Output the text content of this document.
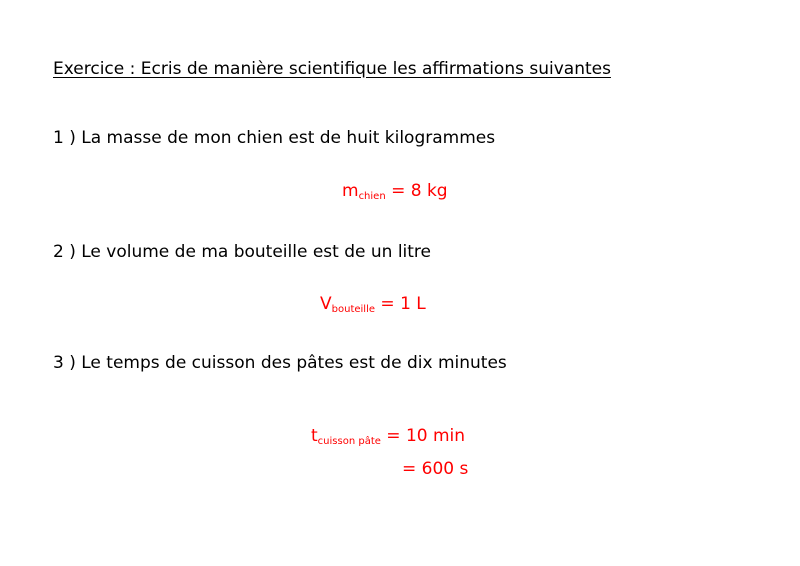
Exercice : Ecris de manière scientifique les affirmations suivantes
1 ) La masse de mon chien est de huit kilogrammes
$m_{chien} = 8$ kg
2 ) Le volume de ma bouteille est de un litre
$V_{bouteille} = 1$ L
3 ) Le temps de cuisson des pâtes est de dix minutes
$t_{cuisson pâte} = 10$ min
= 600 s
